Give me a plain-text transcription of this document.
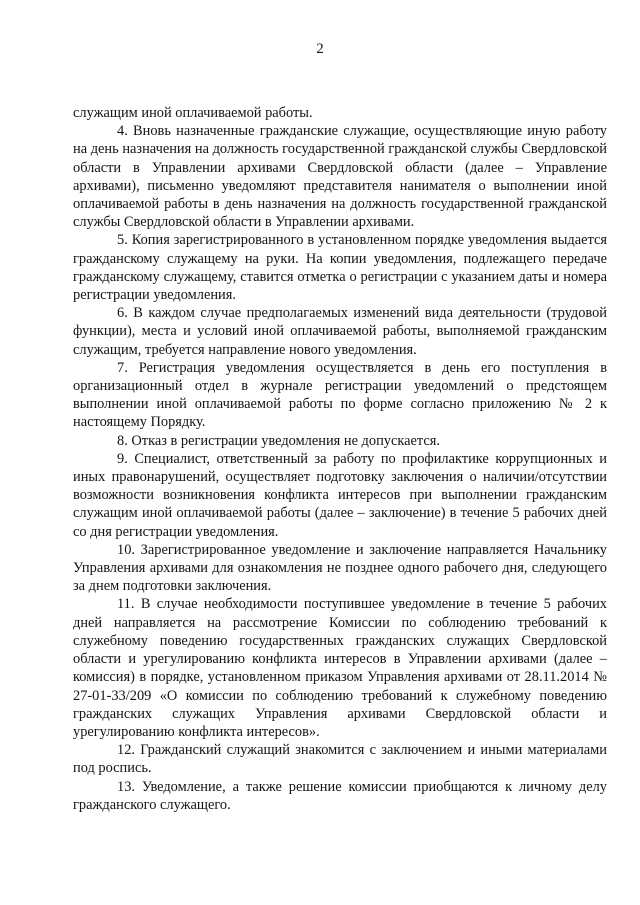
2

служащим иной оплачиваемой работы.

4. Вновь назначенные гражданские служащие, осуществляющие иную работу на день назначения на должность государственной гражданской службы Свердловской области в Управлении архивами Свердловской области (далее – Управление архивами), письменно уведомляют представителя нанимателя о выполнении иной оплачиваемой работы в день назначения на должность государственной гражданской службы Свердловской области в Управлении архивами.

5. Копия зарегистрированного в установленном порядке уведомления выдается гражданскому служащему на руки. На копии уведомления, подлежащего передаче гражданскому служащему, ставится отметка о регистрации с указанием даты и номера регистрации уведомления.

6. В каждом случае предполагаемых изменений вида деятельности (трудовой функции), места и условий иной оплачиваемой работы, выполняемой гражданским служащим, требуется направление нового уведомления.

7. Регистрация уведомления осуществляется в день его поступления в организационный отдел в журнале регистрации уведомлений о предстоящем выполнении иной оплачиваемой работы по форме согласно приложению № 2 к настоящему Порядку.

8. Отказ в регистрации уведомления не допускается.

9. Специалист, ответственный за работу по профилактике коррупционных и иных правонарушений, осуществляет подготовку заключения о наличии/отсутствии возможности возникновения конфликта интересов при выполнении гражданским служащим иной оплачиваемой работы (далее – заключение) в течение 5 рабочих дней со дня регистрации уведомления.

10. Зарегистрированное уведомление и заключение направляется Начальнику Управления архивами для ознакомления не позднее одного рабочего дня, следующего за днем подготовки заключения.

11. В случае необходимости поступившее уведомление в течение 5 рабочих дней направляется на рассмотрение Комиссии по соблюдению требований к служебному поведению государственных гражданских служащих Свердловской области и урегулированию конфликта интересов в Управлении архивами (далее – комиссия) в порядке, установленном приказом Управления архивами от 28.11.2014 № 27-01-33/209 «О комиссии по соблюдению требований к служебному поведению гражданских служащих Управления архивами Свердловской области и урегулированию конфликта интересов».

12. Гражданский служащий знакомится с заключением и иными материалами под роспись.

13. Уведомление, а также решение комиссии приобщаются к личному делу гражданского служащего.
